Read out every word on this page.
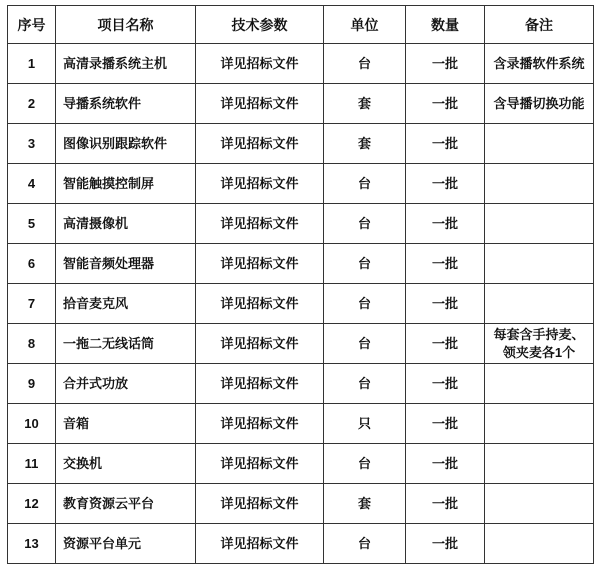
序号	项目名称	技术参数	单位	数量	备注
1	高清录播系统主机	详见招标文件	台	一批	含录播软件系统
2	导播系统软件	详见招标文件	套	一批	含导播切换功能
3	图像识别跟踪软件	详见招标文件	套	一批	
4	智能触摸控制屏	详见招标文件	台	一批	
5	高清摄像机	详见招标文件	台	一批	
6	智能音频处理器	详见招标文件	台	一批	
7	拾音麦克风	详见招标文件	台	一批	
8	一拖二无线话筒	详见招标文件	台	一批	每套含手持麦、领夹麦各1个
9	合并式功放	详见招标文件	台	一批	
10	音箱	详见招标文件	只	一批	
11	交换机	详见招标文件	台	一批	
12	教育资源云平台	详见招标文件	套	一批	
13	资源平台单元	详见招标文件	台	一批	
